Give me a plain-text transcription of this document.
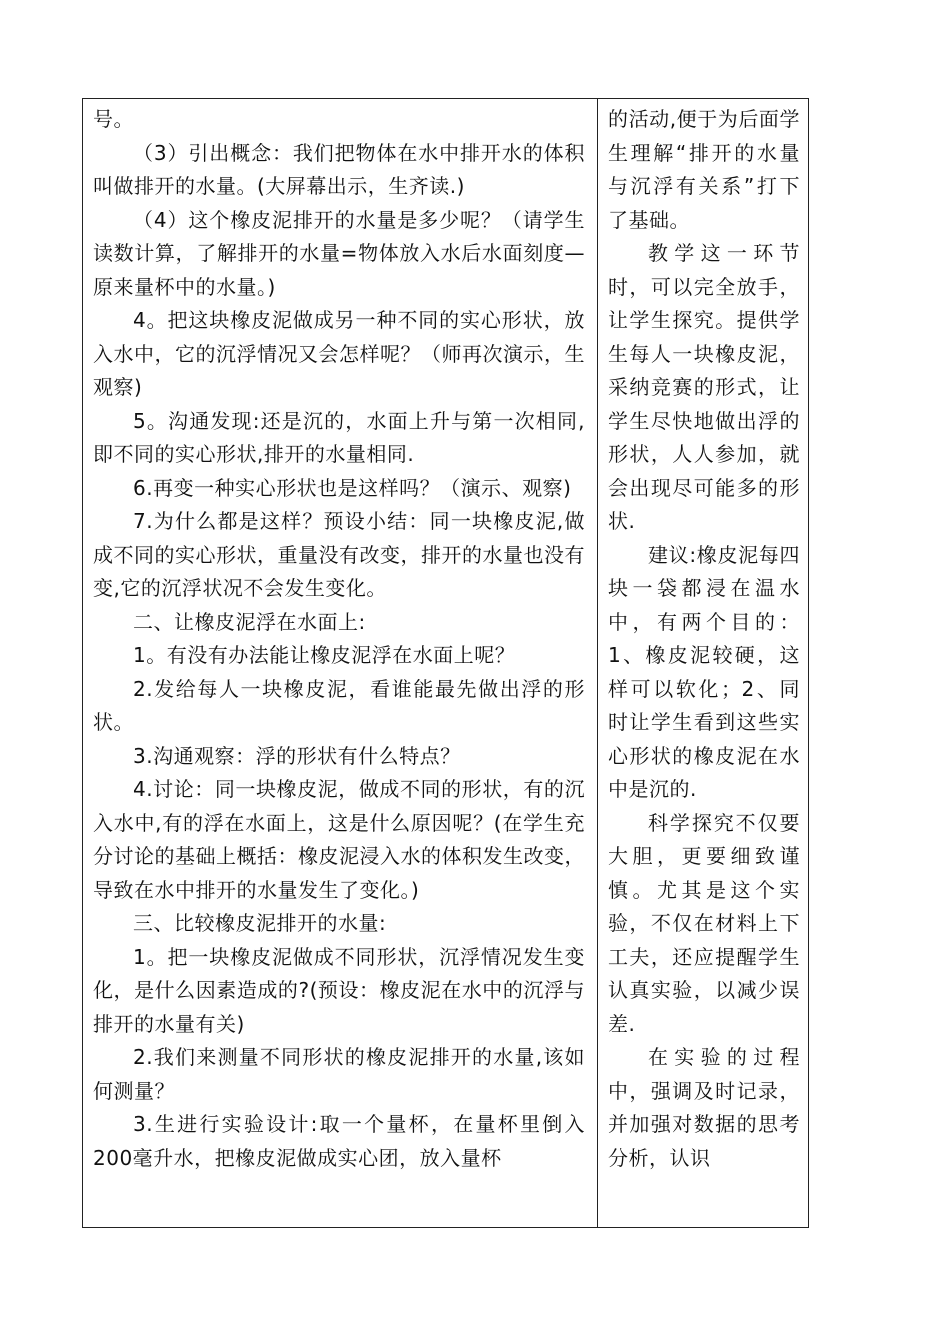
号。

（3）引出概念：我们把物体在水中排开水的体积叫做排开的水量。(大屏幕出示，生齐读.)

（4）这个橡皮泥排开的水量是多少呢？（请学生读数计算，了解排开的水量=物体放入水后水面刻度—原来量杯中的水量。)

4。把这块橡皮泥做成另一种不同的实心形状，放入水中，它的沉浮情况又会怎样呢？（师再次演示，生观察)

5。沟通发现:还是沉的，水面上升与第一次相同,即不同的实心形状,排开的水量相同.

6.再变一种实心形状也是这样吗？（演示、观察)

7.为什么都是这样？预设小结：同一块橡皮泥,做成不同的实心形状，重量没有改变，排开的水量也没有变,它的沉浮状况不会发生变化。

二、让橡皮泥浮在水面上:

1。有没有办法能让橡皮泥浮在水面上呢？

2.发给每人一块橡皮泥，看谁能最先做出浮的形状。

3.沟通观察：浮的形状有什么特点？

4.讨论：同一块橡皮泥，做成不同的形状，有的沉入水中,有的浮在水面上，这是什么原因呢？(在学生充分讨论的基础上概括：橡皮泥浸入水的体积发生改变，导致在水中排开的水量发生了变化。)

三、比较橡皮泥排开的水量:

1。把一块橡皮泥做成不同形状，沉浮情况发生变化，是什么因素造成的?(预设：橡皮泥在水中的沉浮与排开的水量有关)

2.我们来测量不同形状的橡皮泥排开的水量,该如何测量？

3.生进行实验设计:取一个量杯，在量杯里倒入200毫升水，把橡皮泥做成实心团，放入量杯

的活动,便于为后面学生理解“排开的水量与沉浮有关系”打下了基础。

教学这一环节时，可以完全放手，让学生探究。提供学生每人一块橡皮泥，采纳竞赛的形式，让学生尽快地做出浮的形状，人人参加，就会出现尽可能多的形状.

建议:橡皮泥每四块一袋都浸在温水中，有两个目的：1、橡皮泥较硬，这样可以软化；2、同时让学生看到这些实心形状的橡皮泥在水中是沉的.

科学探究不仅要大胆，更要细致谨慎。尤其是这个实验，不仅在材料上下工夫，还应提醒学生认真实验，以减少误差.

在实验的过程中，强调及时记录，并加强对数据的思考分析，认识
